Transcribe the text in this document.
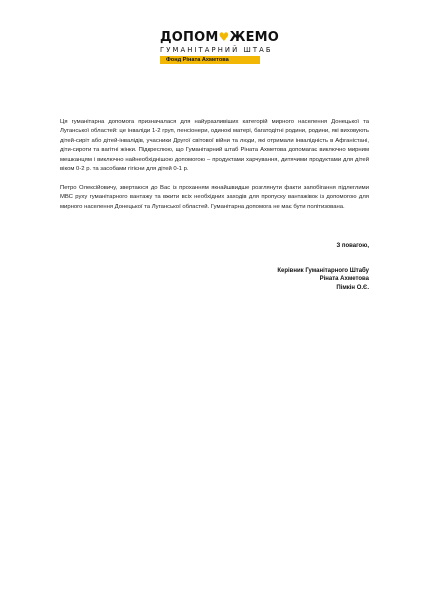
ДОПОМ♥ЖЕМО
ГУМАНІТАРНИЙ ШТАБ
Фонд Ріната Ахметова
Ця гуманітарна допомога призначалася для найуразливіших категорій мирного населення Донецької та Луганської областей: це інваліди 1-2 груп, пенсіонери, одинокі матері, багатодітні родини, родини, які виховують дітей-сиріт або дітей-інвалідів, учасники Другої світової війни та люди, які отримали інвалідність в Афганістані, діти-сироти та вагітні жінки. Підкреслюю, що Гуманітарний штаб Ріната Ахметова допомагає виключно мирним мешканцям і виключно найнеобхіднішою допомогою – продуктами харчування, дитячими продуктами для дітей віком 0-2 р. та засобами гігієни для дітей 0-1 р.
Петро Олексійовичу, звертаюся до Вас із проханням якнайшвидше розглянути факти запобігання підлеглими МВС руху гуманітарного вантажу та вжити всіх необхідних заходів для пропуску вантажівок із допомогою для мирного населення Донецької та Луганської областей. Гуманітарна допомога не має бути політизована.
З повагою,
Керівник Гуманітарного Штабу
Ріната Ахметова
Пімкін О.Є.
